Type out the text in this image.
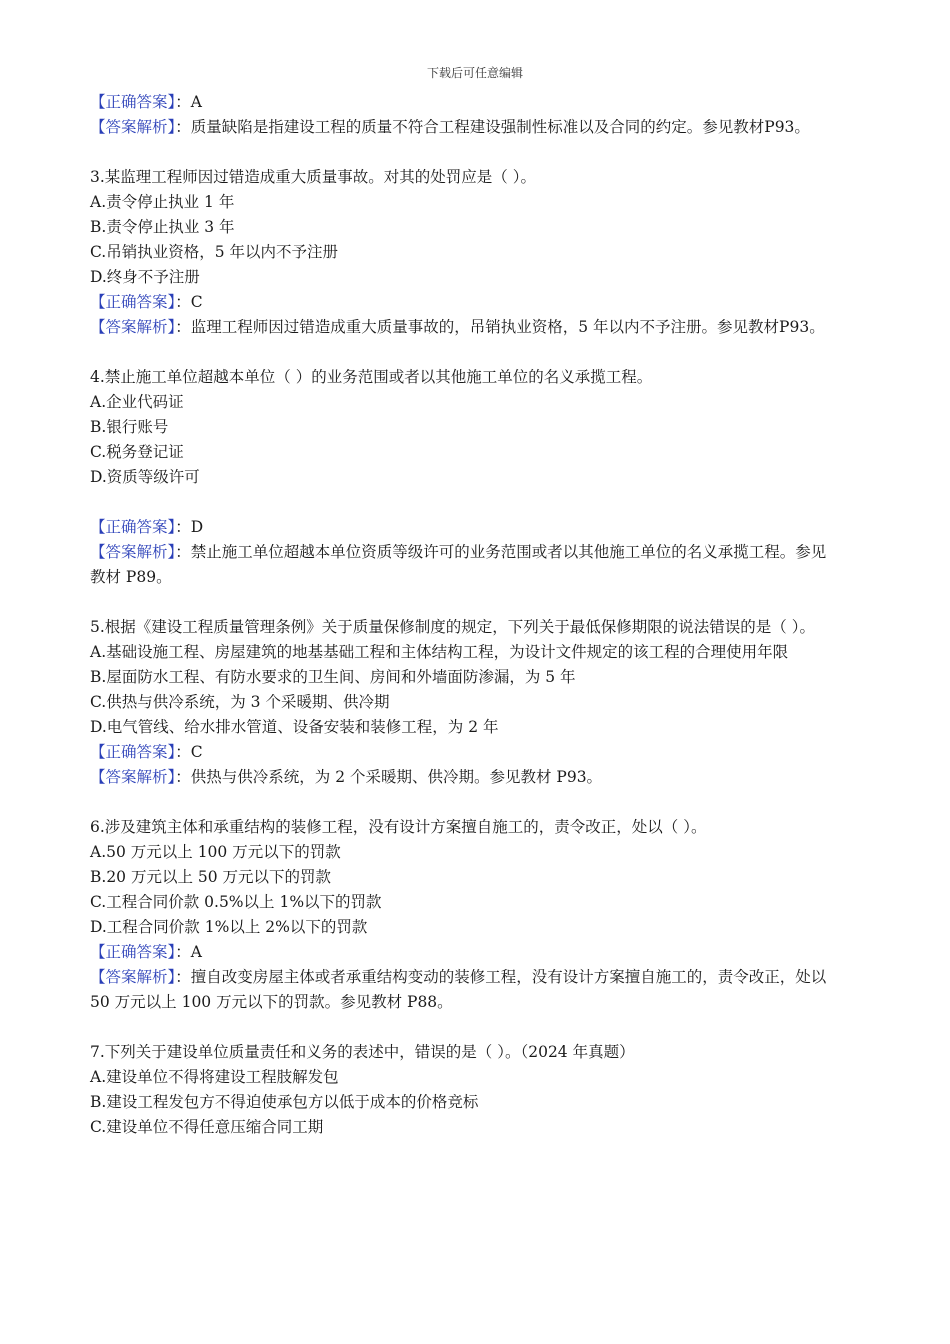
下载后可任意编辑
【正确答案】：A
【答案解析】：质量缺陷是指建设工程的质量不符合工程建设强制性标准以及合同的约定。参见教材P93。
3.某监理工程师因过错造成重大质量事故。对其的处罚应是（ ）。
A.责令停止执业 1 年
B.责令停止执业 3 年
C.吊销执业资格，5 年以内不予注册
D.终身不予注册
【正确答案】：C
【答案解析】：监理工程师因过错造成重大质量事故的，吊销执业资格，5 年以内不予注册。参见教材P93。
4.禁止施工单位超越本单位（ ）的业务范围或者以其他施工单位的名义承揽工程。
A.企业代码证
B.银行账号
C.税务登记证
D.资质等级许可
【正确答案】：D
【答案解析】：禁止施工单位超越本单位资质等级许可的业务范围或者以其他施工单位的名义承揽工程。参见教材 P89。
5.根据《建设工程质量管理条例》关于质量保修制度的规定，下列关于最低保修期限的说法错误的是（ ）。
A.基础设施工程、房屋建筑的地基基础工程和主体结构工程，为设计文件规定的该工程的合理使用年限
B.屋面防水工程、有防水要求的卫生间、房间和外墙面防渗漏，为 5 年
C.供热与供冷系统，为 3 个采暖期、供冷期
D.电气管线、给水排水管道、设备安装和装修工程，为 2 年
【正确答案】：C
【答案解析】：供热与供冷系统，为 2 个采暖期、供冷期。参见教材 P93。
6.涉及建筑主体和承重结构的装修工程，没有设计方案擅自施工的，责令改正，处以（ ）。
A.50 万元以上 100 万元以下的罚款
B.20 万元以上 50 万元以下的罚款
C.工程合同价款 0.5%以上 1%以下的罚款
D.工程合同价款 1%以上 2%以下的罚款
【正确答案】：A
【答案解析】：擅自改变房屋主体或者承重结构变动的装修工程，没有设计方案擅自施工的，责令改正，处以 50 万元以上 100 万元以下的罚款。参见教材 P88。
7.下列关于建设单位质量责任和义务的表述中，错误的是（ ）。（2024 年真题）
A.建设单位不得将建设工程肢解发包
B.建设工程发包方不得迫使承包方以低于成本的价格竞标
C.建设单位不得任意压缩合同工期
